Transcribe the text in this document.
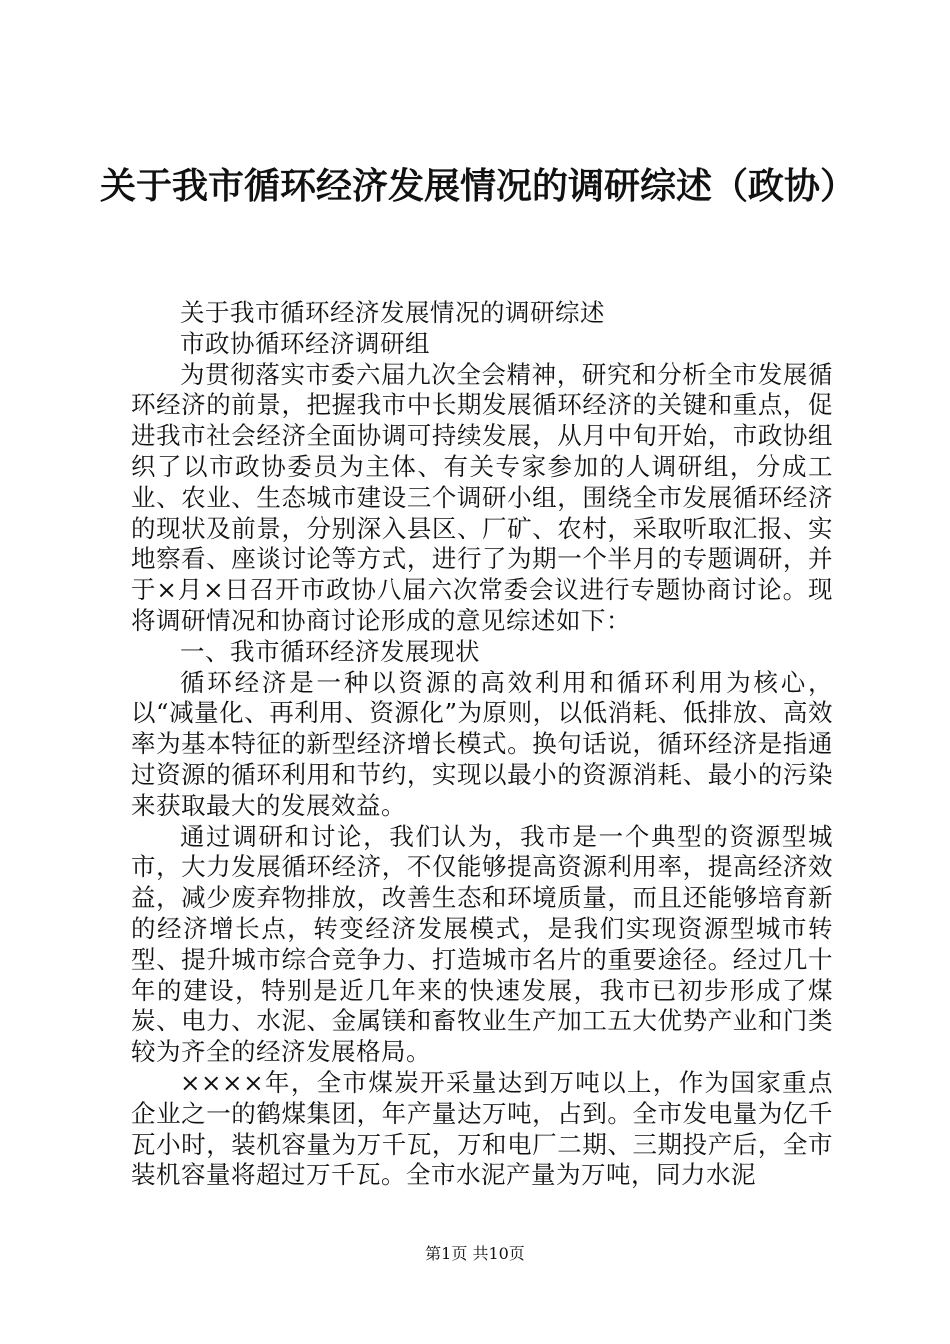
关于我市循环经济发展情况的调研综述（政协）

关于我市循环经济发展情况的调研综述

市政协循环经济调研组

为贯彻落实市委六届九次全会精神，研究和分析全市发展循环经济的前景，把握我市中长期发展循环经济的关键和重点，促进我市社会经济全面协调可持续发展，从月中旬开始，市政协组织了以市政协委员为主体、有关专家参加的人调研组，分成工业、农业、生态城市建设三个调研小组，围绕全市发展循环经济的现状及前景，分别深入县区、厂矿、农村，采取听取汇报、实地察看、座谈讨论等方式，进行了为期一个半月的专题调研，并于×月×日召开市政协八届六次常委会议进行专题协商讨论。现将调研情况和协商讨论形成的意见综述如下：

一、我市循环经济发展现状

循环经济是一种以资源的高效利用和循环利用为核心，以“减量化、再利用、资源化”为原则，以低消耗、低排放、高效率为基本特征的新型经济增长模式。换句话说，循环经济是指通过资源的循环利用和节约，实现以最小的资源消耗、最小的污染来获取最大的发展效益。

通过调研和讨论，我们认为，我市是一个典型的资源型城市，大力发展循环经济，不仅能够提高资源利用率，提高经济效益，减少废弃物排放，改善生态和环境质量，而且还能够培育新的经济增长点，转变经济发展模式，是我们实现资源型城市转型、提升城市综合竞争力、打造城市名片的重要途径。经过几十年的建设，特别是近几年来的快速发展，我市已初步形成了煤炭、电力、水泥、金属镁和畜牧业生产加工五大优势产业和门类较为齐全的经济发展格局。

××××年，全市煤炭开采量达到万吨以上，作为国家重点企业之一的鹤煤集团，年产量达万吨，占到。全市发电量为亿千瓦小时，装机容量为万千瓦，万和电厂二期、三期投产后，全市装机容量将超过万千瓦。全市水泥产量为万吨，同力水泥

第1页 共10页
